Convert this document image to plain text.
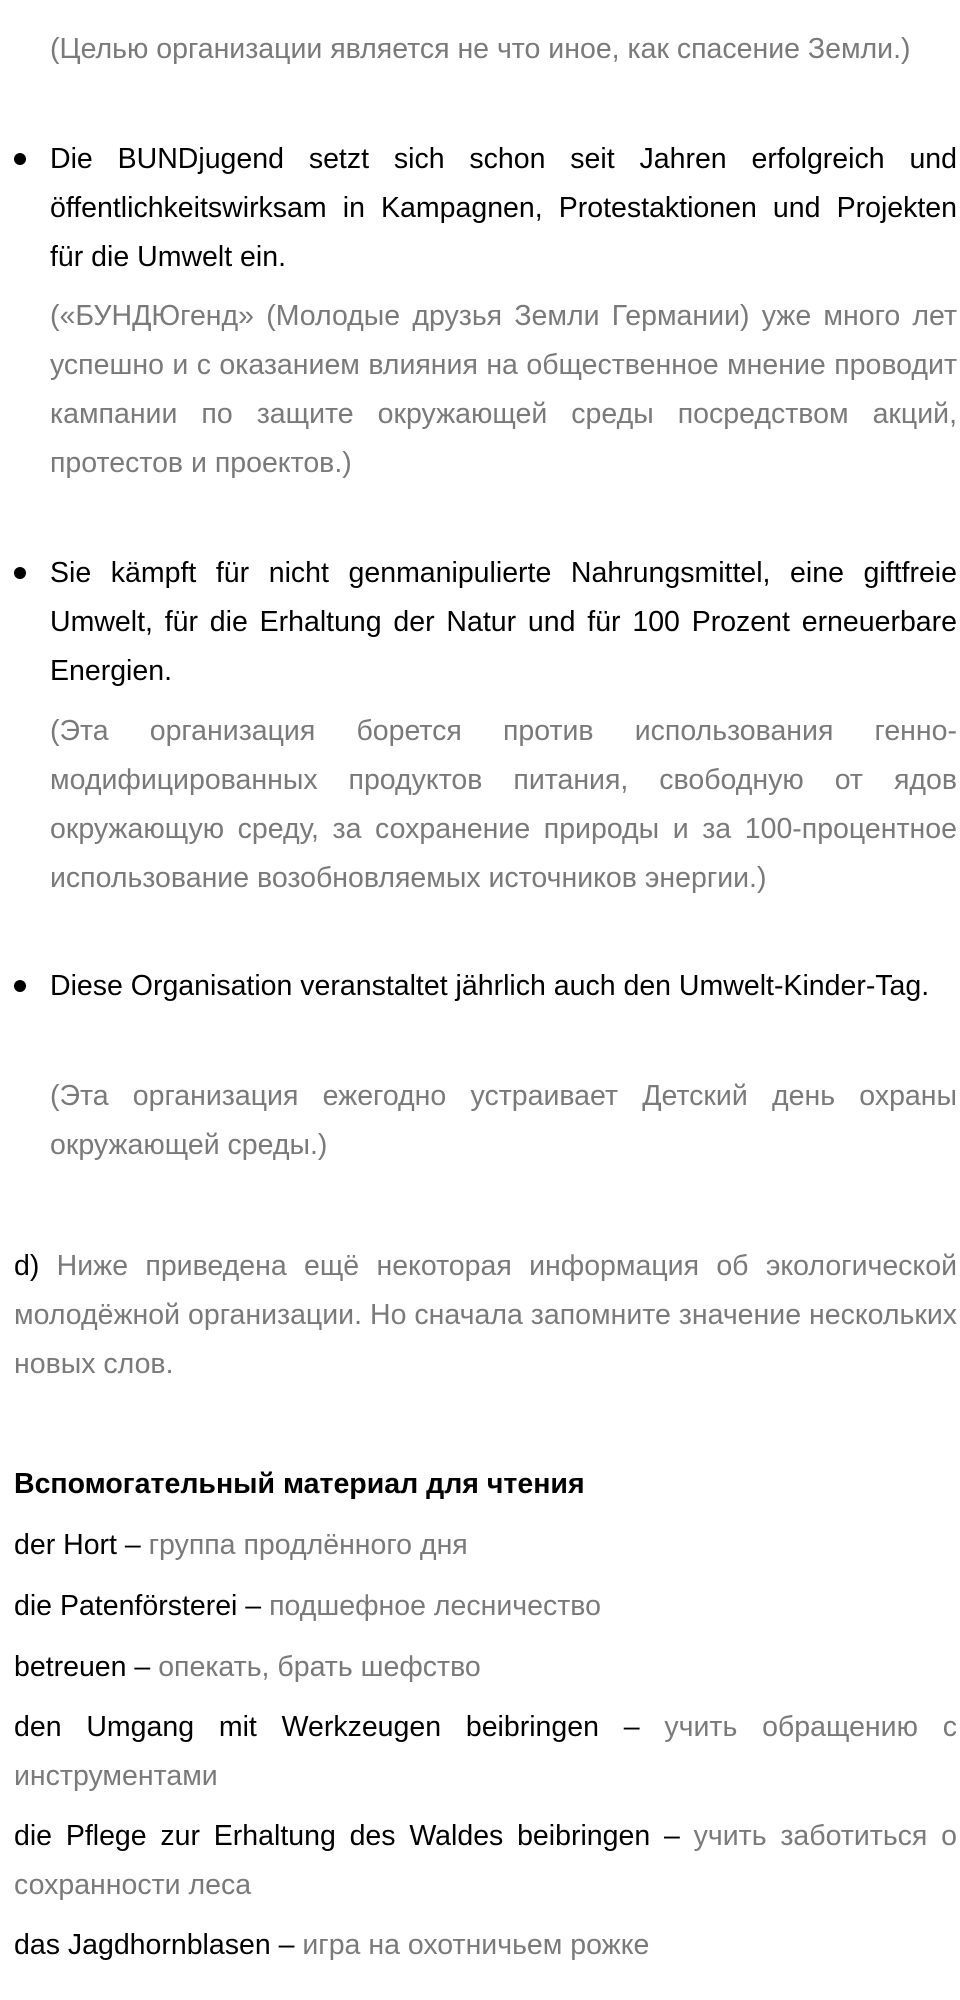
(Целью организации является не что иное, как спасение Земли.)

Die BUNDjugend setzt sich schon seit Jahren erfolgreich und öffentlichkeitswirksam in Kampagnen, Protestaktionen und Projekten für die Umwelt ein.

(«БУНДЮгенд» (Молодые друзья Земли Германии) уже много лет успешно и с оказанием влияния на общественное мнение проводит кампании по защите окружающей среды посредством акций, протестов и проектов.)

Sie kämpft für nicht genmanipulierte Nahrungsmittel, eine giftfreie Umwelt, für die Erhaltung der Natur und für 100 Prozent erneuerbare Energien.

(Эта организация борется против использования генно-модифицированных продуктов питания, свободную от ядов окружающую среду, за сохранение природы и за 100-процентное использование возобновляемых источников энергии.)

Diese Organisation veranstaltet jährlich auch den Umwelt-Kinder-Tag.

(Эта организация ежегодно устраивает Детский день охраны окружающей среды.)

d) Ниже приведена ещё некоторая информация об экологической молодёжной организации. Но сначала запомните значение нескольких новых слов.

Вспомогательный материал для чтения

der Hort – группа продлённого дня

die Patenförsterei – подшефное лесничество

betreuen – опекать, брать шефство

den Umgang mit Werkzeugen beibringen – учить обращению с инструментами

die Pflege zur Erhaltung des Waldes beibringen – учить заботиться о сохранности леса

das Jagdhornblasen – игра на охотничьем рожке
